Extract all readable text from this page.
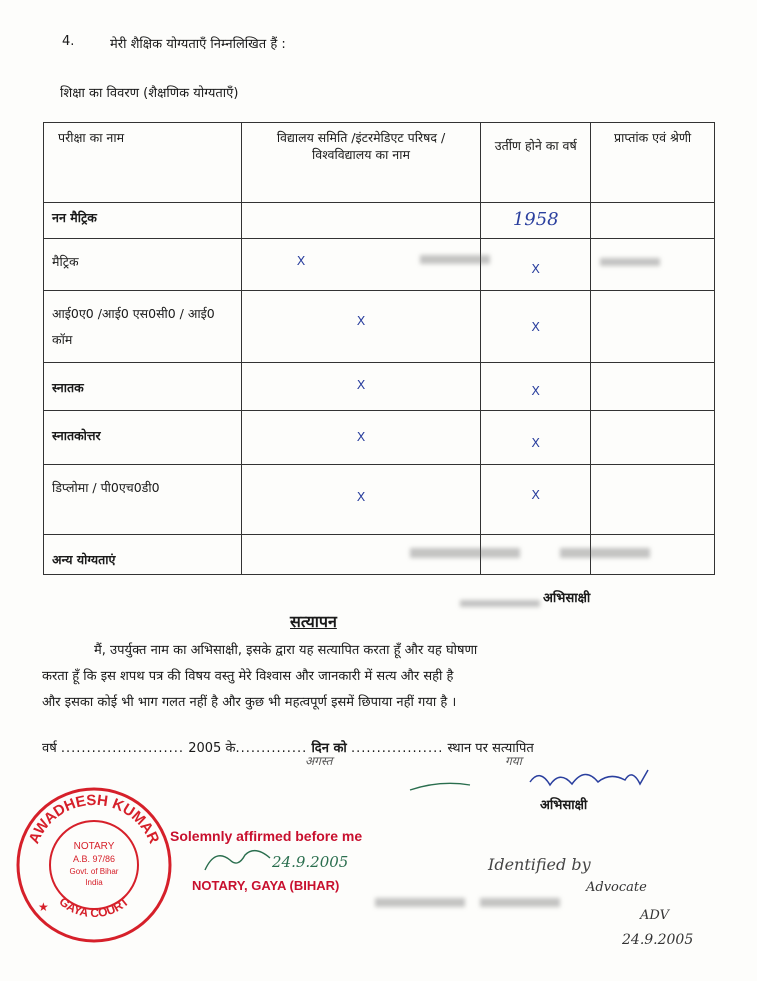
4.	मेरी शैक्षिक योग्यताएँ निम्नलिखित हैं :
शिक्षा का विवरण (शैक्षणिक योग्यताएँ)
परीक्षा का नाम	विद्यालय समिति /इंटरमेडिएट परिषद / विश्वविद्यालय का नाम	उर्तीण होने का वर्ष	प्राप्तांक एवं श्रेणी
नन मैट्रिक		1958	
मैट्रिक	X	X	
आई0ए0 /आई0 एस0सी0 / आई0 कॉम	X	X	
स्नातक	X	X	
स्नातकोत्तर	X	X	
डिप्लोमा / पी0एच0डी0	X	X	
अन्य योग्यताएं			
अभिसाक्षी
सत्यापन
मैं, उपर्युक्त नाम का अभिसाक्षी, इसके द्वारा यह सत्यापित करता हूँ और यह घोषणा
करता हूँ कि इस शपथ पत्र की विषय वस्तु मेरे विश्वास और जानकारी में सत्य और सही है
और इसका कोई भी भाग गलत नहीं है और कुछ भी महत्वपूर्ण इसमें छिपाया नहीं गया है ।
वर्ष ........................ 2005 के.............. दिन को .................. स्थान पर सत्यापित
अगस्त	गया
अभिसाक्षी
AWADHESH KUMAR
GAYA COURT
NOTARY
A.B. 97/86
Govt. of Bihar
India
★
Solemnly affirmed before me
24.9.2005
NOTARY, GAYA (BIHAR)
Identified by
Advocate
ADV
24.9.2005
